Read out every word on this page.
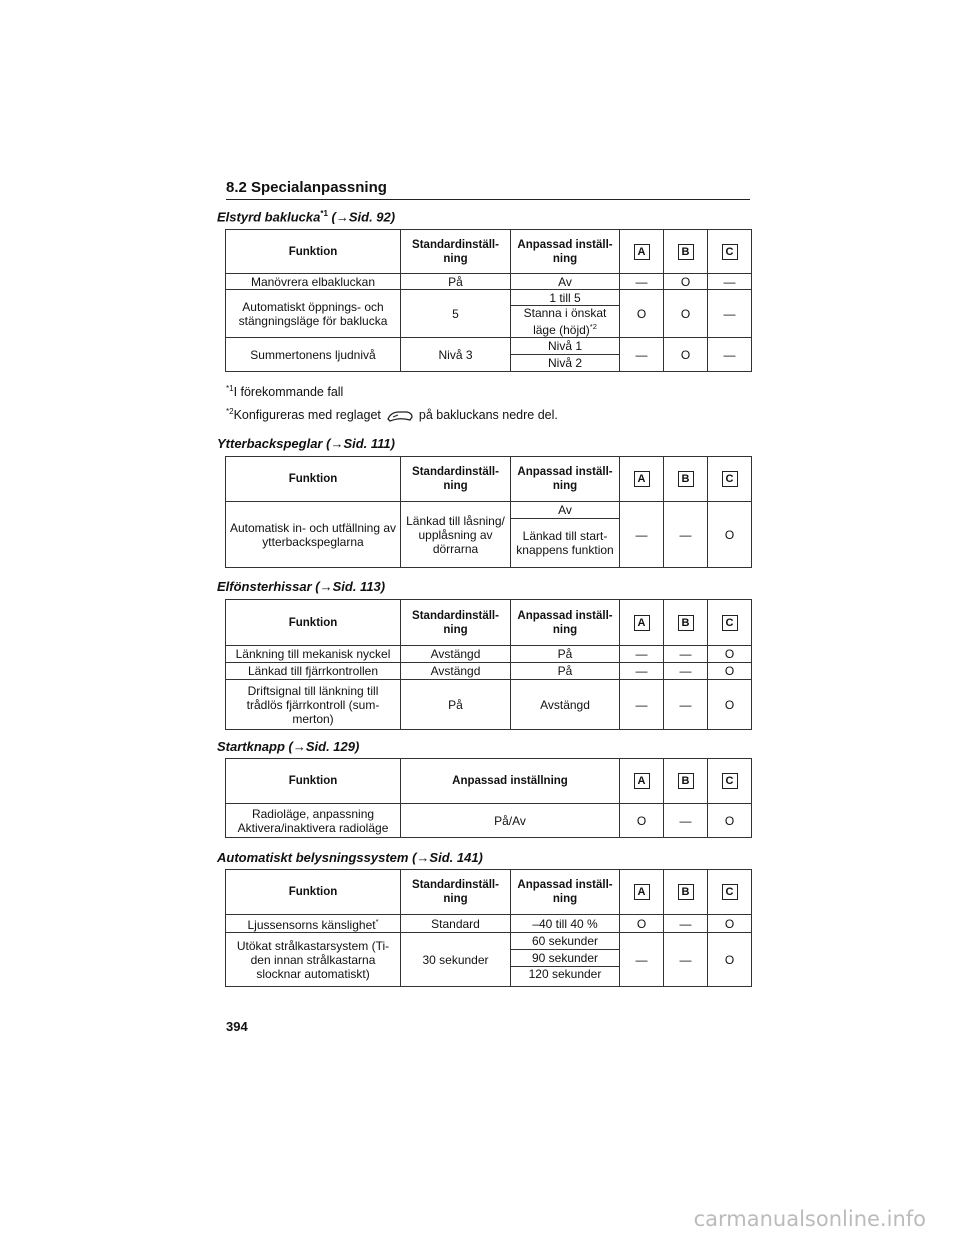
8.2 Specialanpassning
Elstyrd baklucka$^{*1}$ (→Sid. 92)
Funktion	Standardinställ- ning	Anpassad inställ- ning	A	B	C
Manövrera elbakluckan	På	Av	—	O	—
Automatiskt öppnings- och stängningsläge för baklucka	5	1 till 5	O	O	—
		Stanna i önskat läge (höjd)$^{*2}$
Summertonens ljudnivå	Nivå 3	Nivå 1	—	O	—
		Nivå 2			
$^{*1}$I förekommande fall
$^{*2}$Konfigureras med reglaget	på bakluckans nedre del.
Ytterbackspeglar (→Sid. 111)
Funktion	Standardinställ- ning	Anpassad inställ- ning	A	B	C
Automatisk in- och utfällning av ytterbackspeglarna	Länkad till låsning/ upplåsning av dörrarna	Av	—	—	O
		Länkad till start- knappens funktion			
Elfönsterhissar (→Sid. 113)
Funktion	Standardinställ- ning	Anpassad inställ- ning	A	B	C
Länkning till mekanisk nyckel	Avstängd	På	—	—	O
Länkad till fjärrkontrollen	Avstängd	På	—	—	O
Driftsignal till länkning till trådlös fjärrkontroll (sum- merton)	På	Avstängd	—	—	O
Startknapp (→Sid. 129)
Funktion	Anpassad inställning	A	B	C

Radioläge, anpassning
Aktivera/inaktivera radioläge	På/Av	O	—	O
Automatiskt belysningssystem (→Sid. 141)
Funktion	Standardinställ- ning	Anpassad inställ- ning	A	B	C
Ljussensorns känslighet*	Standard	–40 till 40 %	O	—	O
Utökat strålkastarsystem (Ti- den innan strålkastarna slocknar automatiskt)	30 sekunder	60 sekunder	—	—	O
		90 sekunder			
		120 sekunder			
394
carmanualsonline.info
